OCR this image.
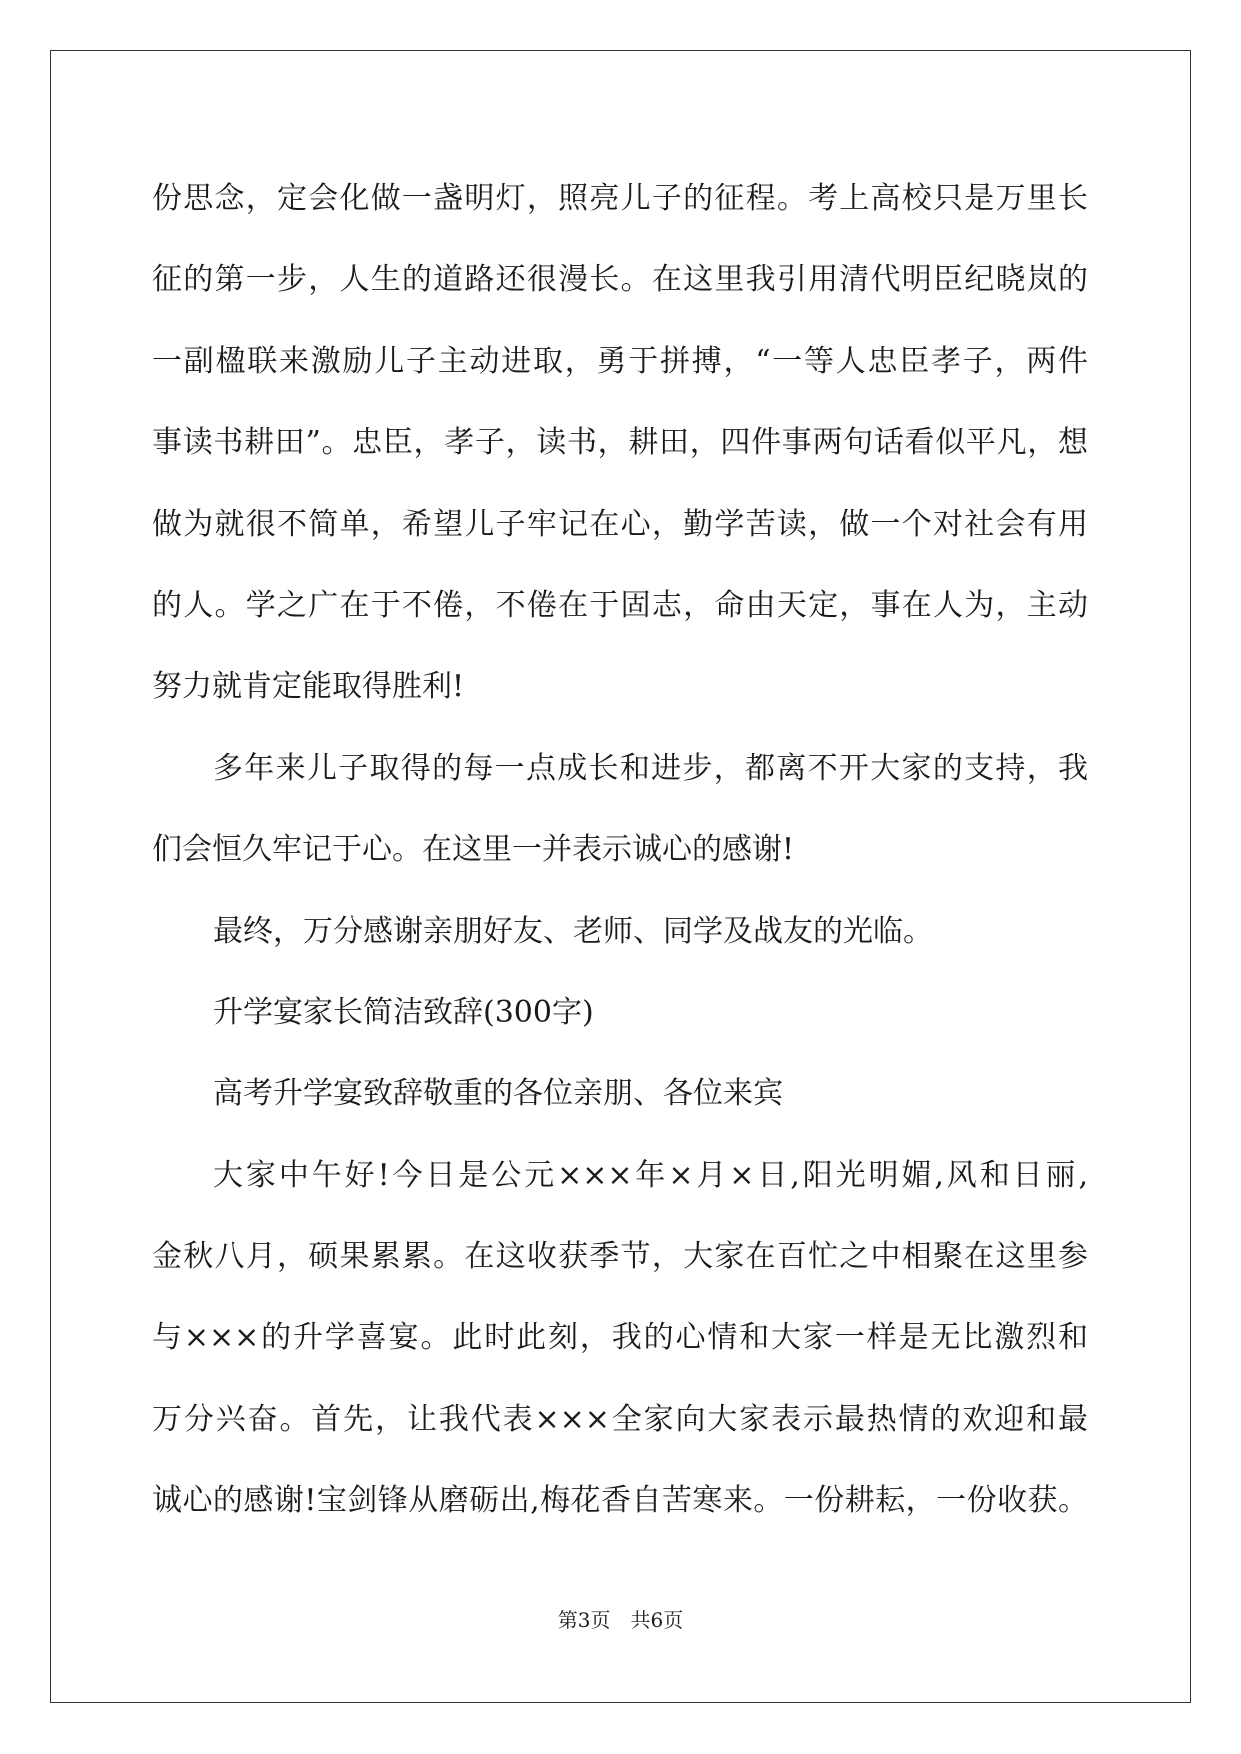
份思念，定会化做一盏明灯，照亮儿子的征程。考上高校只是万里长
征的第一步，人生的道路还很漫长。在这里我引用清代明臣纪晓岚的
一副楹联来激励儿子主动进取，勇于拼搏，“一等人忠臣孝子，两件
事读书耕田”。忠臣，孝子，读书，耕田，四件事两句话看似平凡，想
做为就很不简单，希望儿子牢记在心，勤学苦读，做一个对社会有用
的人。学之广在于不倦，不倦在于固志，命由天定，事在人为，主动
努力就肯定能取得胜利!
多年来儿子取得的每一点成长和进步，都离不开大家的支持，我
们会恒久牢记于心。在这里一并表示诚心的感谢!
最终，万分感谢亲朋好友、老师、同学及战友的光临。
升学宴家长简洁致辞(300字)
高考升学宴致辞敬重的各位亲朋、各位来宾
大家中午好!今日是公元×××年×月×日,阳光明媚,风和日丽,
金秋八月，硕果累累。在这收获季节，大家在百忙之中相聚在这里参
与×××的升学喜宴。此时此刻，我的心情和大家一样是无比激烈和
万分兴奋。首先，让我代表×××全家向大家表示最热情的欢迎和最
诚心的感谢!宝剑锋从磨砺出,梅花香自苦寒来。一份耕耘，一份收获。
第3页 共6页
